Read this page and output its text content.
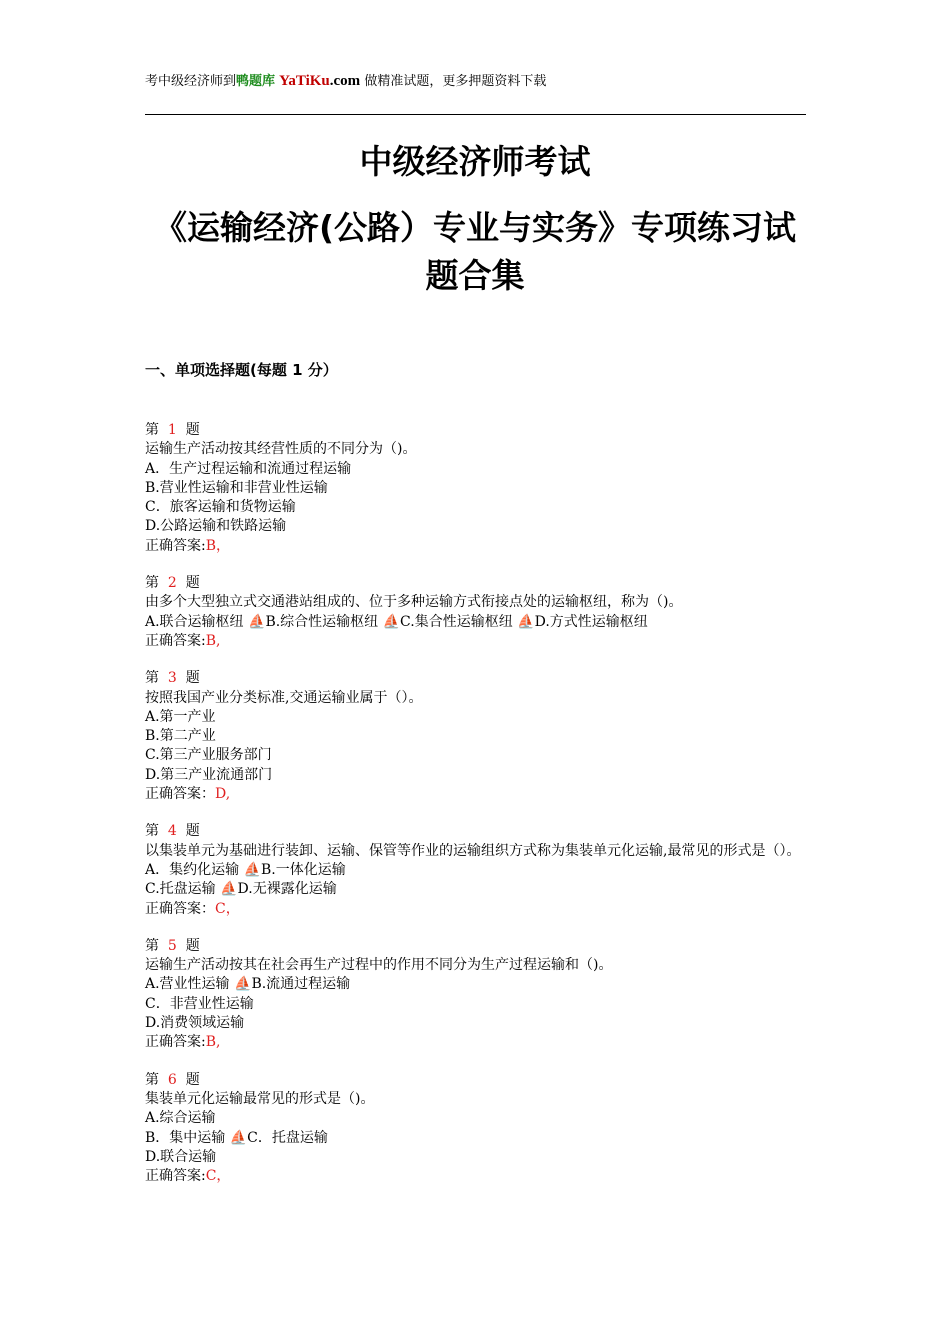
考中级经济师到鸭题库 YaTiKu.com 做精准试题，更多押题资料下载
中级经济师考试
《运输经济(公路）专业与实务》专项练习试题合集
一、单项选择题(每题 1 分）
第 1 题
运输生产活动按其经营性质的不同分为（)。
A．生产过程运输和流通过程运输
B.营业性运输和非营业性运输
C．旅客运输和货物运输
D.公路运输和铁路运输
正确答案:B，
第 2 题
由多个大型独立式交通港站组成的、位于多种运输方式衔接点处的运输枢纽，称为（)。
A.联合运输枢纽 ⛵B.综合性运输枢纽 ⛵C.集合性运输枢纽 ⛵D.方式性运输枢纽
正确答案:B,
第 3 题
按照我国产业分类标准,交通运输业属于（）。
A.第一产业
B.第二产业
C.第三产业服务部门
D.第三产业流通部门
正确答案：D,
第 4 题
以集装单元为基础进行装卸、运输、保管等作业的运输组织方式称为集装单元化运输,最常见的形式是（）。
A．集约化运输 ⛵B.一体化运输
C.托盘运输 ⛵D.无裸露化运输
正确答案：C，
第 5 题
运输生产活动按其在社会再生产过程中的作用不同分为生产过程运输和（)。
A.营业性运输 ⛵B.流通过程运输
C．非营业性运输
D.消费领域运输
正确答案:B,
第 6 题
集装单元化运输最常见的形式是（)。
A.综合运输
B．集中运输 ⛵C．托盘运输
D.联合运输
正确答案:C，
